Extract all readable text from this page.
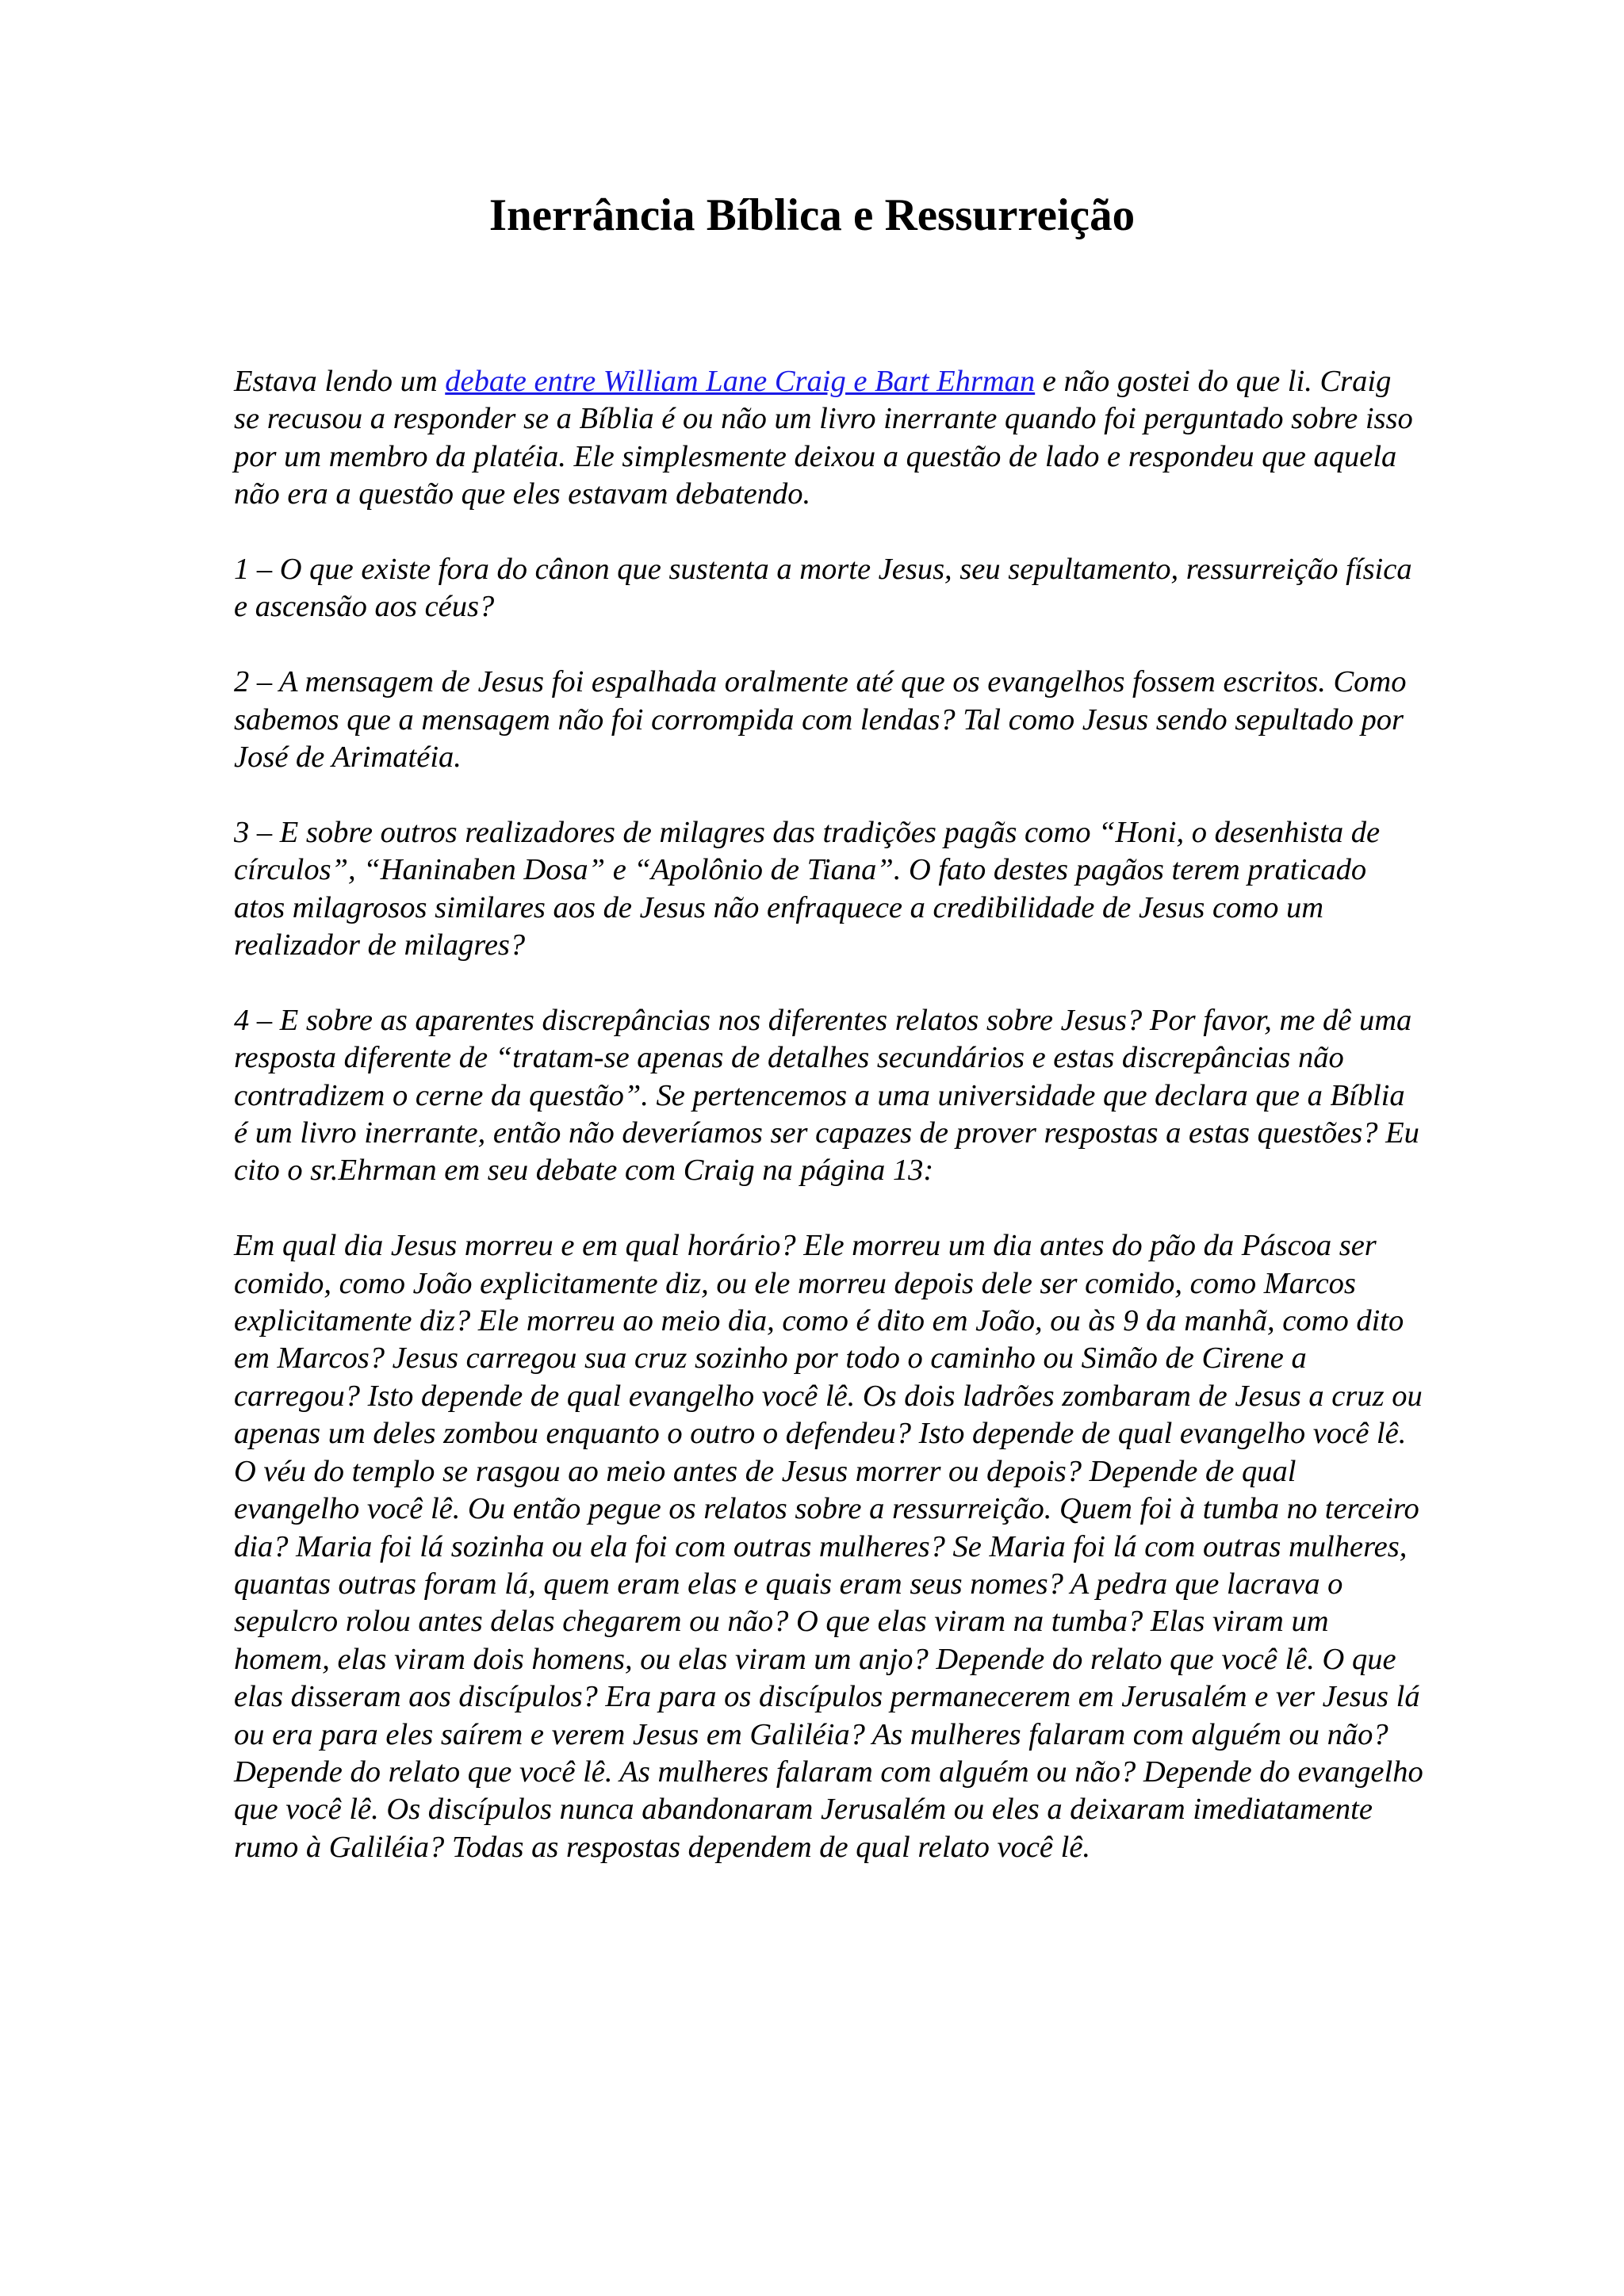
Inerrância Bíblica e Ressurreição

Estava lendo um debate entre William Lane Craig e Bart Ehrman e não gostei do que li. Craig se recusou a responder se a Bíblia é ou não um livro inerrante quando foi perguntado sobre isso por um membro da platéia. Ele simplesmente deixou a questão de lado e respondeu que aquela não era a questão que eles estavam debatendo.

1 – O que existe fora do cânon que sustenta a morte Jesus, seu sepultamento, ressurreição física e ascensão aos céus?

2 – A mensagem de Jesus foi espalhada oralmente até que os evangelhos fossem escritos. Como sabemos que a mensagem não foi corrompida com lendas? Tal como Jesus sendo sepultado por José de Arimatéia.

3 – E sobre outros realizadores de milagres das tradições pagãs como “Honi, o desenhista de círculos”, “Haninaben Dosa” e “Apolônio de Tiana”. O fato destes pagãos terem praticado atos milagrosos similares aos de Jesus não enfraquece a credibilidade de Jesus como um realizador de milagres?

4 – E sobre as aparentes discrepâncias nos diferentes relatos sobre Jesus? Por favor, me dê uma resposta diferente de “tratam-se apenas de detalhes secundários e estas discrepâncias não contradizem o cerne da questão”. Se pertencemos a uma universidade que declara que a Bíblia é um livro inerrante, então não deveríamos ser capazes de prover respostas a estas questões? Eu cito o sr.Ehrman em seu debate com Craig na página 13:

Em qual dia Jesus morreu e em qual horário? Ele morreu um dia antes do pão da Páscoa ser comido, como João explicitamente diz, ou ele morreu depois dele ser comido, como Marcos explicitamente diz? Ele morreu ao meio dia, como é dito em João, ou às 9 da manhã, como dito em Marcos? Jesus carregou sua cruz sozinho por todo o caminho ou Simão de Cirene a carregou? Isto depende de qual evangelho você lê. Os dois ladrões zombaram de Jesus a cruz ou apenas um deles zombou enquanto o outro o defendeu? Isto depende de qual evangelho você lê. O véu do templo se rasgou ao meio antes de Jesus morrer ou depois? Depende de qual evangelho você lê. Ou então pegue os relatos sobre a ressurreição. Quem foi à tumba no terceiro dia? Maria foi lá sozinha ou ela foi com outras mulheres? Se Maria foi lá com outras mulheres, quantas outras foram lá, quem eram elas e quais eram seus nomes? A pedra que lacrava o sepulcro rolou antes delas chegarem ou não? O que elas viram na tumba? Elas viram um homem, elas viram dois homens, ou elas viram um anjo? Depende do relato que você lê. O que elas disseram aos discípulos? Era para os discípulos permanecerem em Jerusalém e ver Jesus lá ou era para eles saírem e verem Jesus em Galiléia? As mulheres falaram com alguém ou não? Depende do relato que você lê. As mulheres falaram com alguém ou não? Depende do evangelho que você lê. Os discípulos nunca abandonaram Jerusalém ou eles a deixaram imediatamente rumo à Galiléia? Todas as respostas dependem de qual relato você lê.
